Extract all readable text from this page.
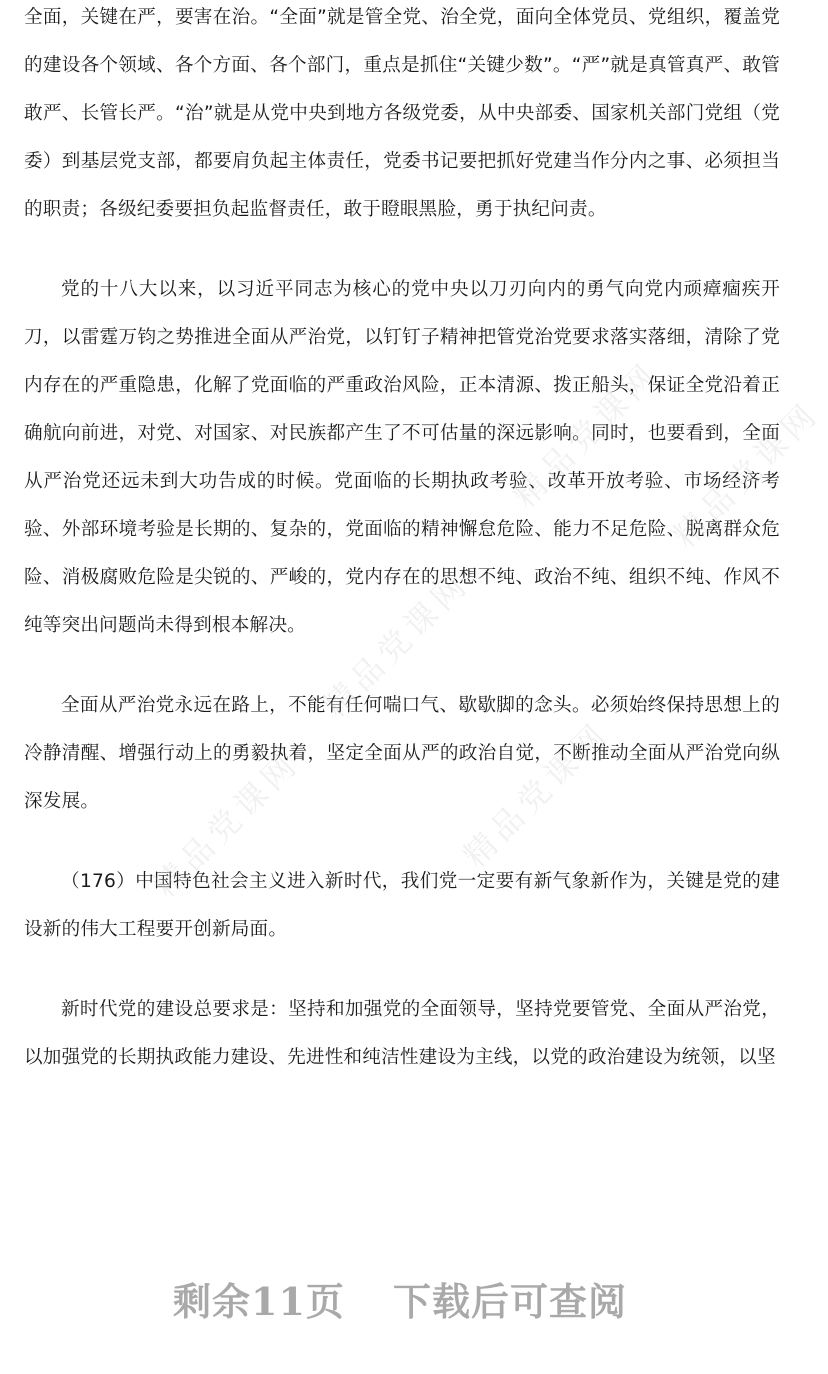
全面，关键在严，要害在治。“全面”就是管全党、治全党，面向全体党员、党组织，覆盖党的建设各个领域、各个方面、各个部门，重点是抓住“关键少数”。“严”就是真管真严、敢管敢严、长管长严。“治”就是从党中央到地方各级党委，从中央部委、国家机关部门党组（党委）到基层党支部，都要肩负起主体责任，党委书记要把抓好党建当作分内之事、必须担当的职责；各级纪委要担负起监督责任，敢于瞪眼黑脸，勇于执纪问责。

党的十八大以来，以习近平同志为核心的党中央以刀刃向内的勇气向党内顽瘴痼疾开刀，以雷霆万钧之势推进全面从严治党，以钉钉子精神把管党治党要求落实落细，清除了党内存在的严重隐患，化解了党面临的严重政治风险，正本清源、拨正船头，保证全党沿着正确航向前进，对党、对国家、对民族都产生了不可估量的深远影响。同时，也要看到，全面从严治党还远未到大功告成的时候。党面临的长期执政考验、改革开放考验、市场经济考验、外部环境考验是长期的、复杂的，党面临的精神懈怠危险、能力不足危险、脱离群众危险、消极腐败危险是尖锐的、严峻的，党内存在的思想不纯、政治不纯、组织不纯、作风不纯等突出问题尚未得到根本解决。

全面从严治党永远在路上，不能有任何喘口气、歇歇脚的念头。必须始终保持思想上的冷静清醒、增强行动上的勇毅执着，坚定全面从严的政治自觉，不断推动全面从严治党向纵深发展。

（176）中国特色社会主义进入新时代，我们党一定要有新气象新作为，关键是党的建设新的伟大工程要开创新局面。

新时代党的建设总要求是：坚持和加强党的全面领导，坚持党要管党、全面从严治党，以加强党的长期执政能力建设、先进性和纯洁性建设为主线，以党的政治建设为统领，以坚

精品党课网
精品党课网
精品党课网
精品党课网	精品党课网
剩余11页 下载后可查阅
